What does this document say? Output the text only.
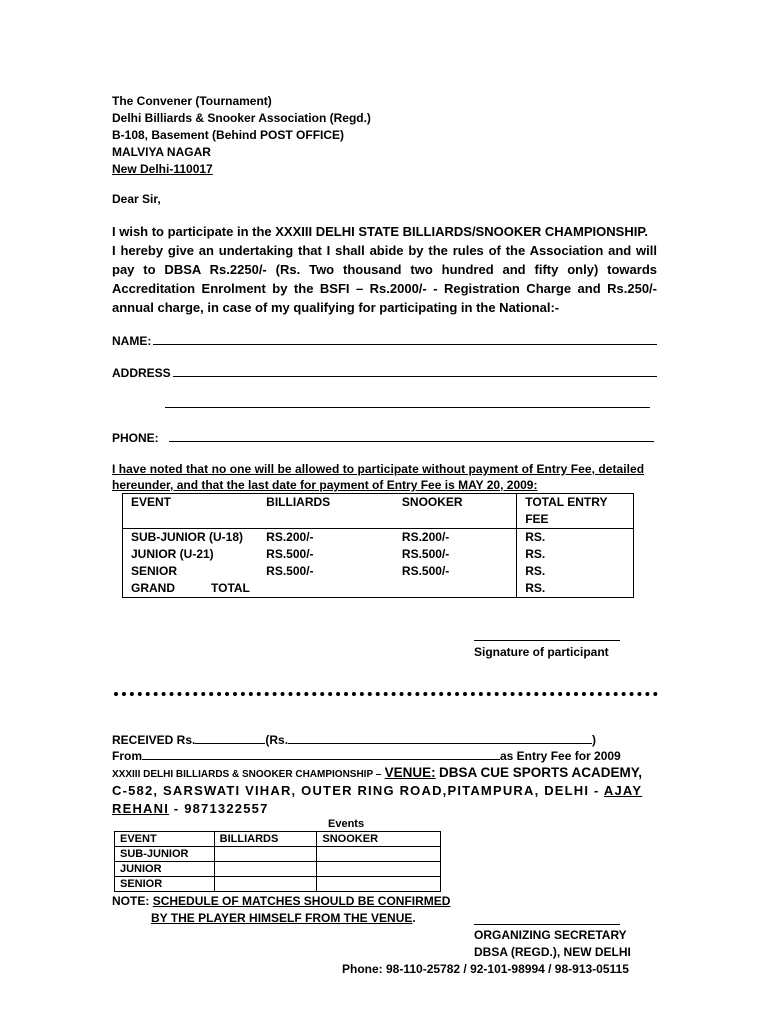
The Convener (Tournament)
Delhi Billiards & Snooker Association (Regd.)
B-108, Basement (Behind POST OFFICE)
MALVIYA NAGAR
New Delhi-110017
Dear Sir,
I wish to participate in the XXXIII DELHI STATE BILLIARDS/SNOOKER CHAMPIONSHIP.
I hereby give an undertaking that I shall abide by the rules of the Association and will pay to DBSA Rs.2250/- (Rs. Two thousand two hundred and fifty only) towards Accreditation Enrolment by the BSFI – Rs.2000/- - Registration Charge and Rs.250/- annual charge, in case of my qualifying for participating in the National:-
NAME:
ADDRESS
PHONE:
I have noted that no one will be allowed to participate without payment of Entry Fee, detailed
hereunder, and that the last date for payment of Entry Fee is MAY 20, 2009:
EVENT	BILLIARDS	SNOOKER	TOTAL ENTRY
FEE

SUB-JUNIOR (U-18)	RS.200/-	RS.200/-	RS.
JUNIOR (U-21)	RS.500/-	RS.500/-	RS.
SENIOR	RS.500/-	RS.500/-	RS.
GRAND TOTAL			RS.
Signature of participant
RECEIVED Rs.	(Rs.	)
From	as Entry Fee for 2009
XXXIII DELHI BILLIARDS & SNOOKER CHAMPIONSHIP – VENUE: DBSA CUE SPORTS ACADEMY,
C-582, SARSWATI VIHAR, OUTER RING ROAD,PITAMPURA, DELHI - AJAY
REHANI - 9871322557
Events
EVENT	BILLIARDS	SNOOKER
SUB-JUNIOR		
JUNIOR		
SENIOR		
NOTE: SCHEDULE OF MATCHES SHOULD BE CONFIRMED
BY THE PLAYER HIMSELF FROM THE VENUE.
ORGANIZING SECRETARY
DBSA (REGD.), NEW DELHI
Phone: 98-110-25782 / 92-101-98994 / 98-913-05115
